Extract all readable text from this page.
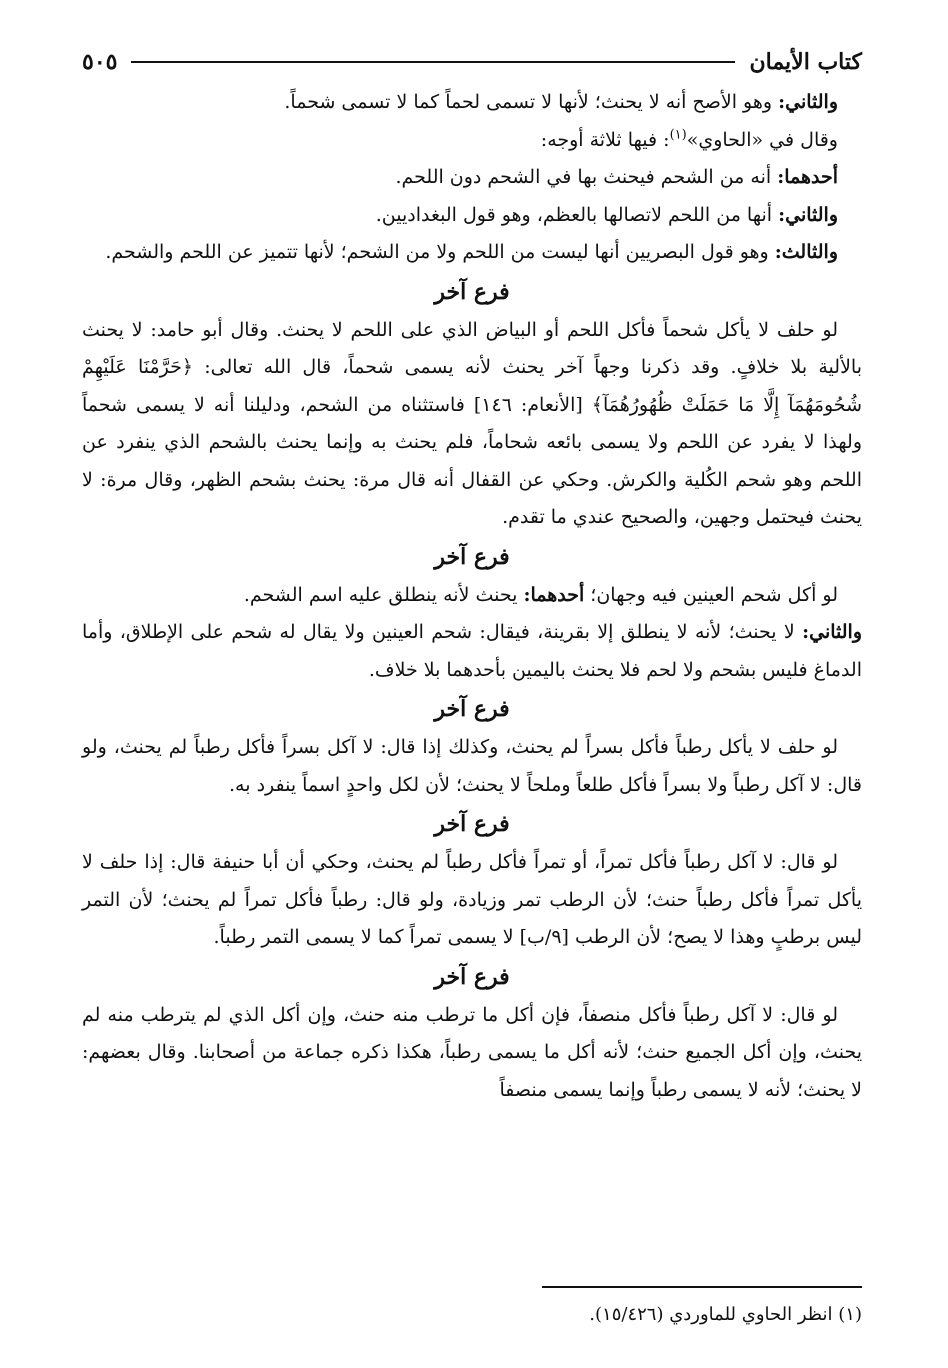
كتاب الأيمان
٥٠٥

والثاني: وهو الأصح أنه لا يحنث؛ لأنها لا تسمى لحماً كما لا تسمى شحماً.

وقال في «الحاوي»$^{(١)}$: فيها ثلاثة أوجه:

أحدهما: أنه من الشحم فيحنث بها في الشحم دون اللحم.

والثاني: أنها من اللحم لاتصالها بالعظم، وهو قول البغداديين.

والثالث: وهو قول البصريين أنها ليست من اللحم ولا من الشحم؛ لأنها تتميز عن اللحم والشحم.

فرع آخر

لو حلف لا يأكل شحماً فأكل اللحم أو البياض الذي على اللحم لا يحنث. وقال أبو حامد: لا يحنث بالألية بلا خلافٍ. وقد ذكرنا وجهاً آخر يحنث لأنه يسمى شحماً، قال الله تعالى: ﴿حَرَّمْنَا عَلَيْهِمْ شُحُومَهُمَآ إِلَّا مَا حَمَلَتْ ظُهُورُهُمَآ﴾ [الأنعام: ١٤٦] فاستثناه من الشحم، ودليلنا أنه لا يسمى شحماً ولهذا لا يفرد عن اللحم ولا يسمى بائعه شحاماً، فلم يحنث به وإنما يحنث بالشحم الذي ينفرد عن اللحم وهو شحم الكُلية والكرش. وحكي عن القفال أنه قال مرة: يحنث بشحم الظهر، وقال مرة: لا يحنث فيحتمل وجهين، والصحيح عندي ما تقدم.

فرع آخر

لو أكل شحم العينين فيه وجهان؛ أحدهما: يحنث لأنه ينطلق عليه اسم الشحم.

والثاني: لا يحنث؛ لأنه لا ينطلق إلا بقرينة، فيقال: شحم العينين ولا يقال له شحم على الإطلاق، وأما الدماغ فليس بشحم ولا لحم فلا يحنث باليمين بأحدهما بلا خلاف.

فرع آخر

لو حلف لا يأكل رطباً فأكل بسراً لم يحنث، وكذلك إذا قال: لا آكل بسراً فأكل رطباً لم يحنث، ولو قال: لا آكل رطباً ولا بسراً فأكل طلعاً وملحاً لا يحنث؛ لأن لكل واحدٍ اسماً ينفرد به.

فرع آخر

لو قال: لا آكل رطباً فأكل تمراً، أو تمراً فأكل رطباً لم يحنث، وحكي أن أبا حنيفة قال: إذا حلف لا يأكل تمراً فأكل رطباً حنث؛ لأن الرطب تمر وزيادة، ولو قال: رطباً فأكل تمراً لم يحنث؛ لأن التمر ليس برطبٍ وهذا لا يصح؛ لأن الرطب [٩/ب] لا يسمى تمراً كما لا يسمى التمر رطباً.

فرع آخر

لو قال: لا آكل رطباً فأكل منصفاً، فإن أكل ما ترطب منه حنث، وإن أكل الذي لم يترطب منه لم يحنث، وإن أكل الجميع حنث؛ لأنه أكل ما يسمى رطباً، هكذا ذكره جماعة من أصحابنا. وقال بعضهم: لا يحنث؛ لأنه لا يسمى رطباً وإنما يسمى منصفاً

(١) انظر الحاوي للماوردي (١٥/٤٢٦).
